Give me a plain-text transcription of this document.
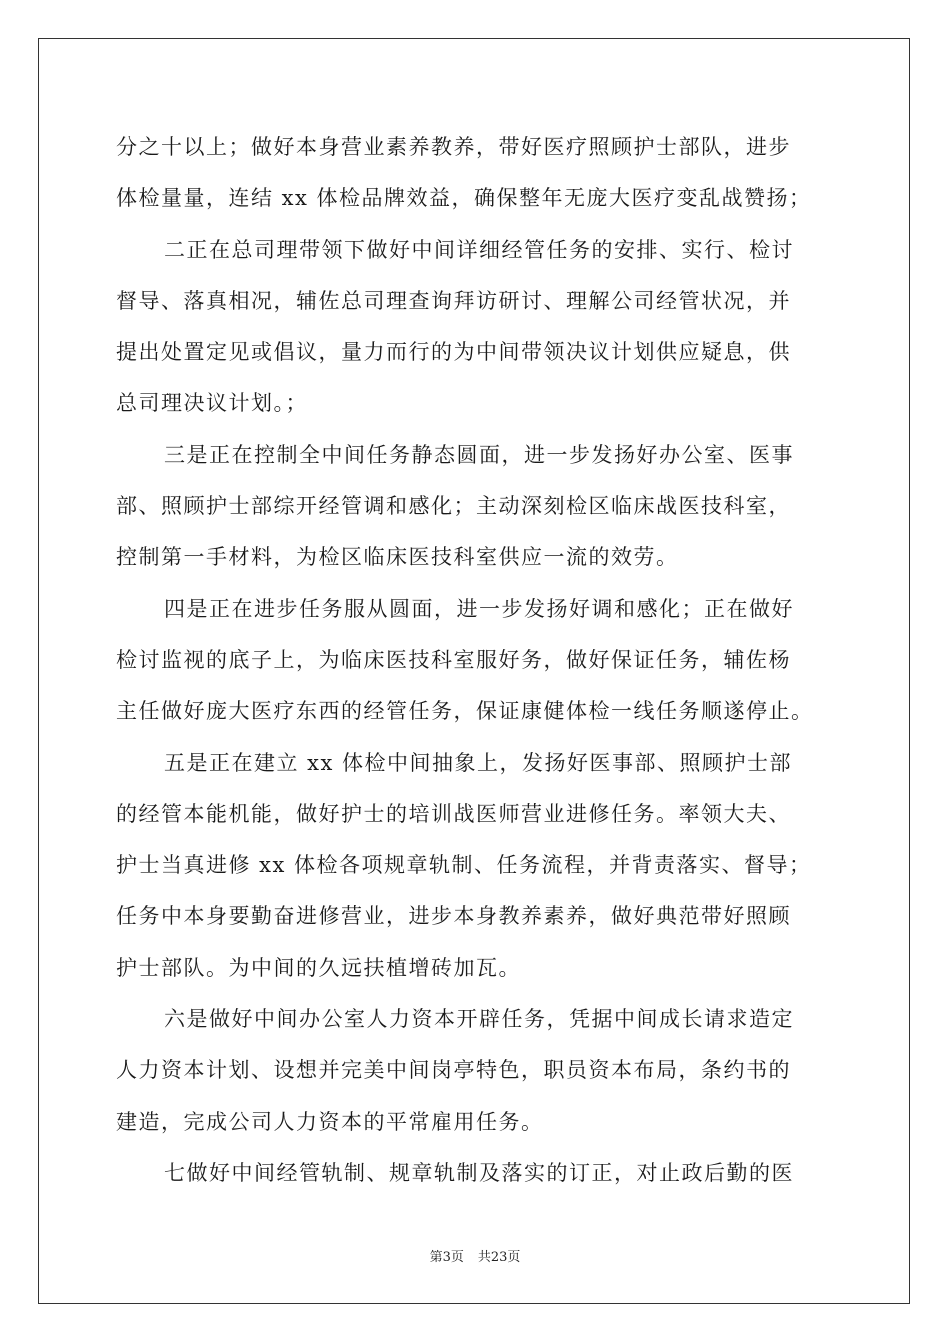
分之十以上；做好本身营业素养教养，带好医疗照顾护士部队，进步
体检量量，连结 xx 体检品牌效益，确保整年无庞大医疗变乱战赞扬；
二正在总司理带领下做好中间详细经管任务的安排、实行、检讨
督导、落真相况，辅佐总司理查询拜访研讨、理解公司经管状况，并
提出处置定见或倡议，量力而行的为中间带领决议计划供应疑息，供
总司理决议计划。；
三是正在控制全中间任务静态圆面，进一步发扬好办公室、医事
部、照顾护士部综开经管调和感化；主动深刻检区临床战医技科室，
控制第一手材料，为检区临床医技科室供应一流的效劳。
四是正在进步任务服从圆面，进一步发扬好调和感化；正在做好
检讨监视的底子上，为临床医技科室服好务，做好保证任务，辅佐杨
主任做好庞大医疗东西的经管任务，保证康健体检一线任务顺遂停止。
五是正在建立 xx 体检中间抽象上，发扬好医事部、照顾护士部
的经管本能机能，做好护士的培训战医师营业进修任务。率领大夫、
护士当真进修 xx 体检各项规章轨制、任务流程，并背责落实、督导；
任务中本身要勤奋进修营业，进步本身教养素养，做好典范带好照顾
护士部队。为中间的久远扶植增砖加瓦。
六是做好中间办公室人力资本开辟任务，凭据中间成长请求造定
人力资本计划、设想并完美中间岗亭特色，职员资本布局，条约书的
建造，完成公司人力资本的平常雇用任务。
七做好中间经管轨制、规章轨制及落实的订正，对止政后勤的医
第3页 共23页
